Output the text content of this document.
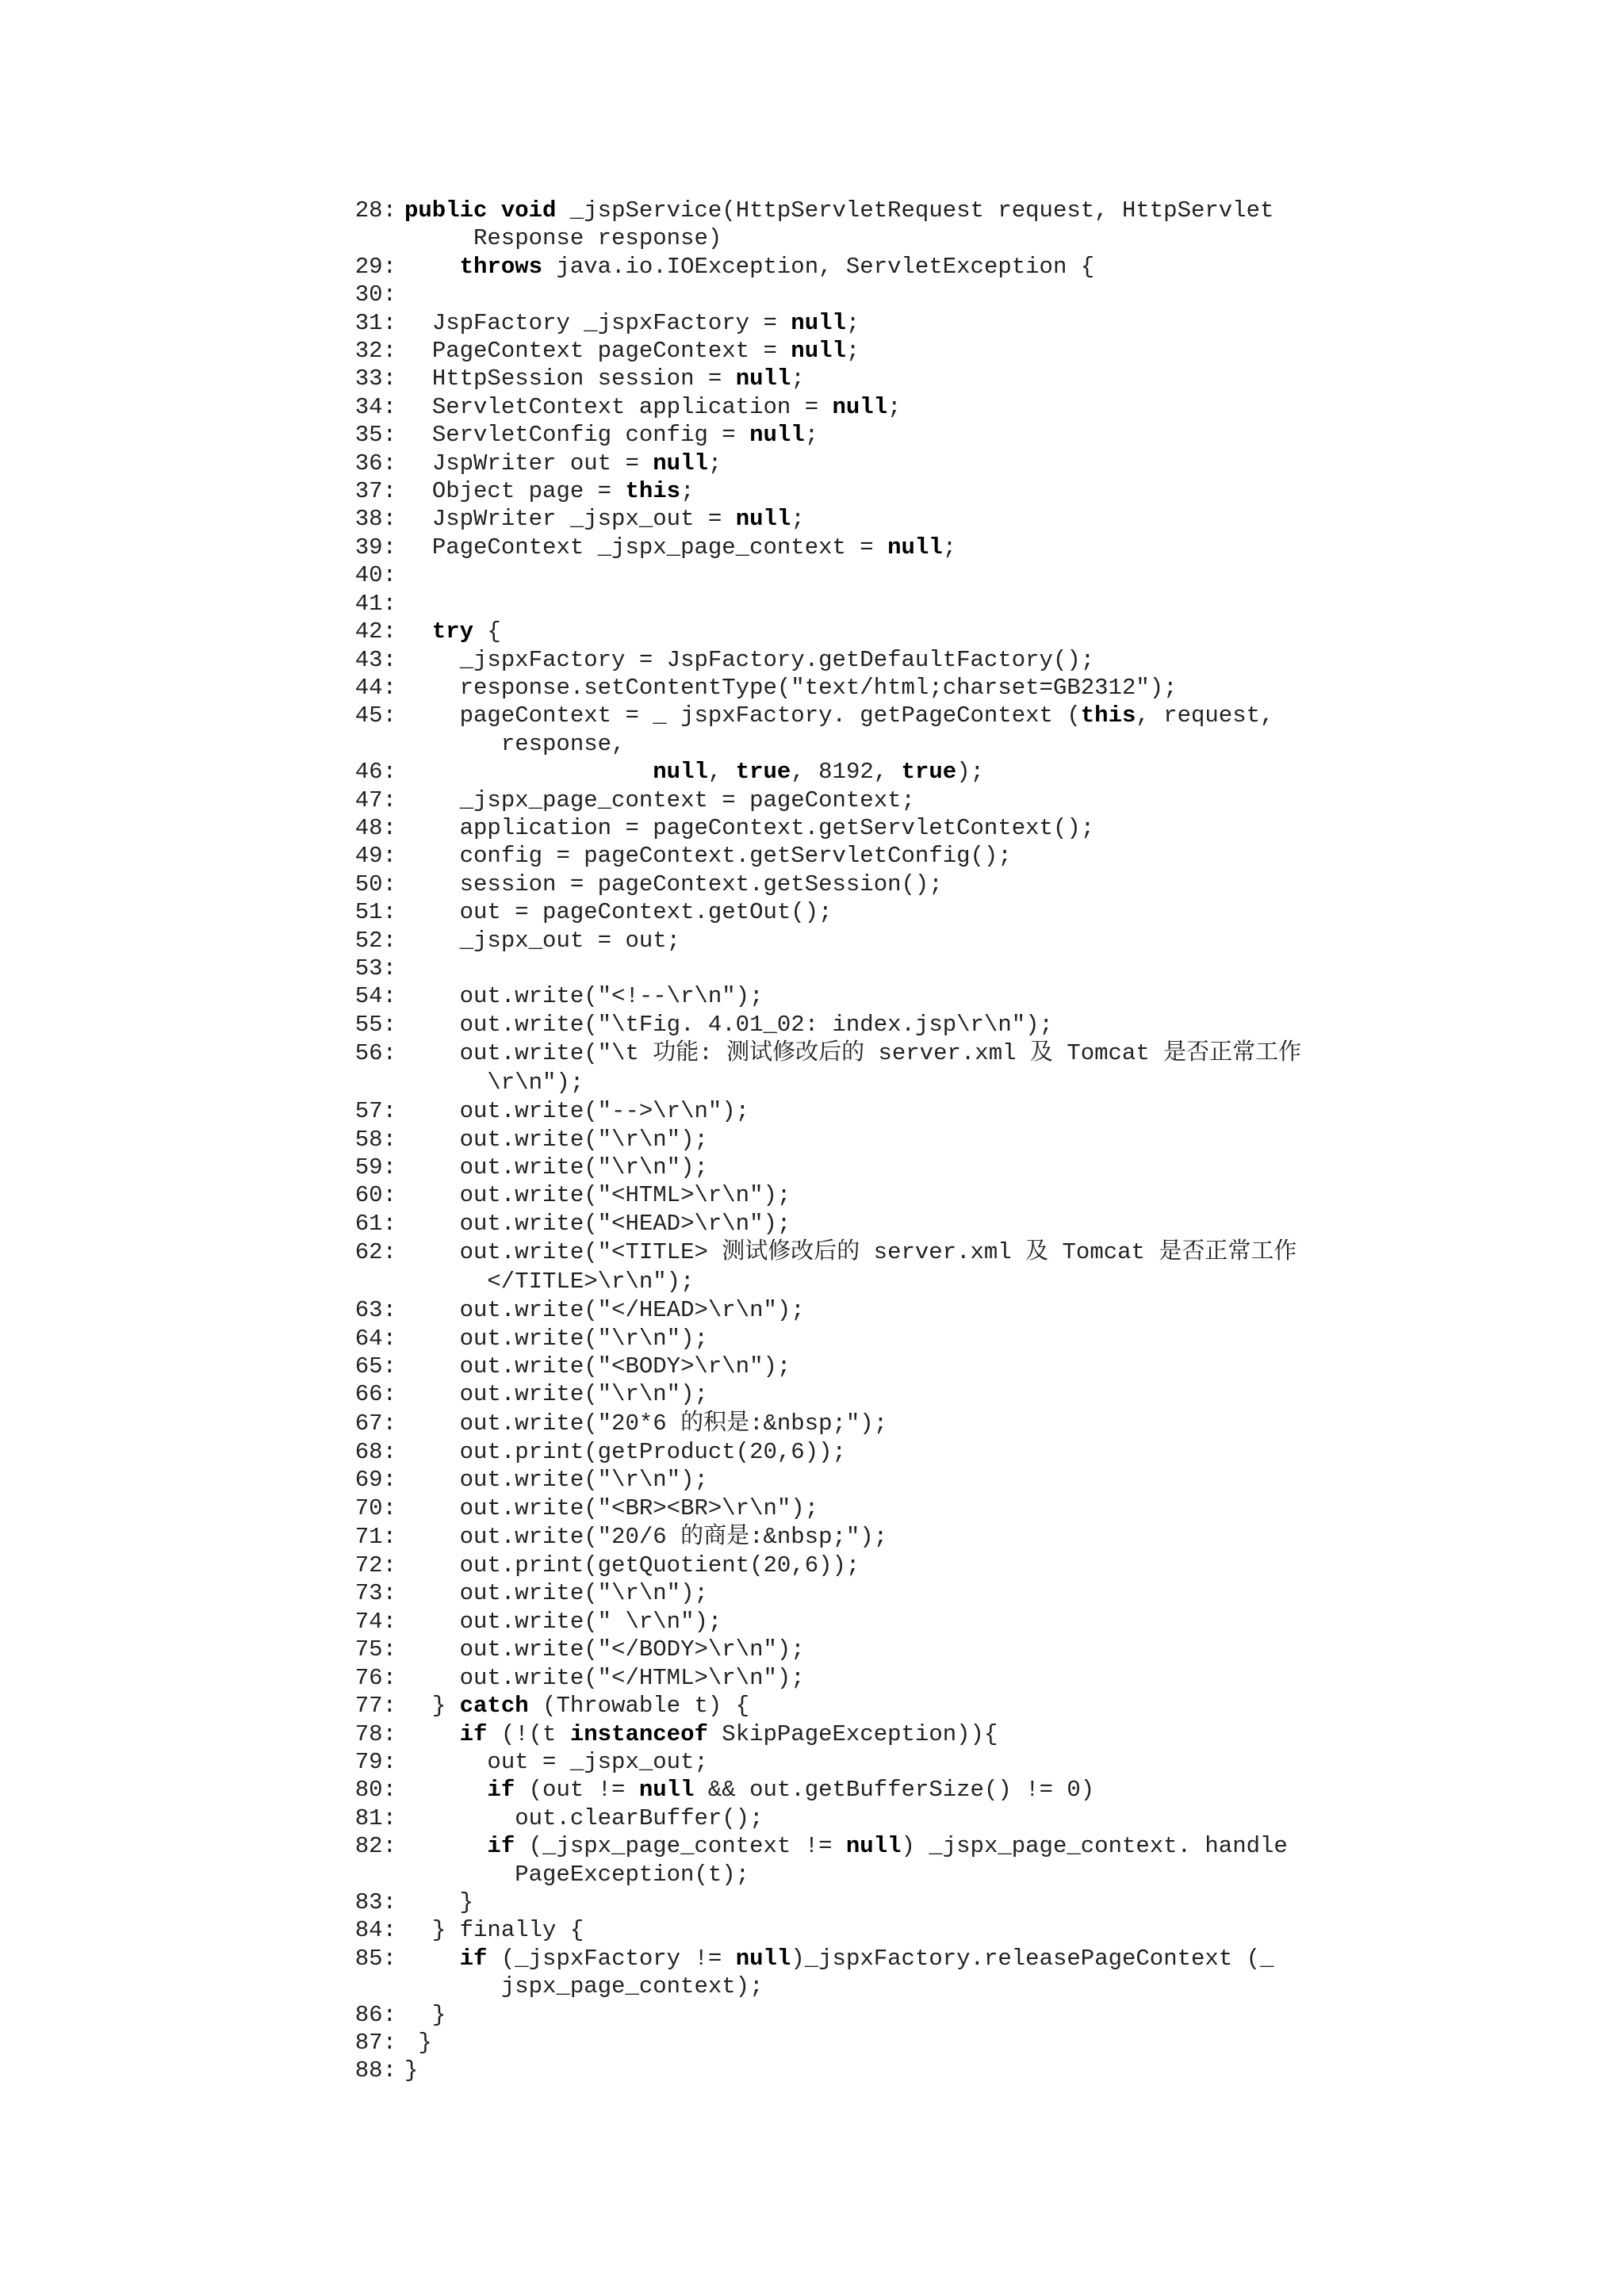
28 : public void _jspService(HttpServletRequest request, HttpServlet
Response response)
29 :	throws java.io.IOException, ServletException {
30 :
31 : JspFactory _jspxFactory = null;
32 : PageContext pageContext = null;
33 : HttpSession session = null;
34 : ServletContext application = null;
35 : ServletConfig config = null;
36 : JspWriter out = null;
37 : Object page = this;
38 : JspWriter _jspx_out = null;
39 : PageContext _jspx_page_context = null;
40 :
41 :
42 :	try {
43 : _jspxFactory = JspFactory.getDefaultFactory();
44 : response.setContentType("text/html;charset=GB2312");
45 : pageContext = _ jspxFactory. getPageContext (this, request,
response,
46 :	null, true, 8192, true);
47 : _jspx_page_context = pageContext;
48 : application = pageContext.getServletContext();
49 : config = pageContext.getServletConfig();
50 : session = pageContext.getSession();
51 : out = pageContext.getOut();
52 : _jspx_out = out;
53 :
54 : out.write("<!--\r\n");
55 : out.write("\tFig. 4.01_02: index.jsp\r\n");
56 : out.write("\t 功能: 测试修改后的 server.xml 及 Tomcat 是否正常工作
\r\n");
57 : out.write("-->\r\n");
58 : out.write("\r\n");
59 : out.write("\r\n");
60 : out.write("<HTML>\r\n");
61 : out.write("<HEAD>\r\n");
62 : out.write("<TITLE> 测试修改后的 server.xml 及 Tomcat 是否正常工作
</TITLE>\r\n");
63 : out.write("</HEAD>\r\n");
64 : out.write("\r\n");
65 : out.write("<BODY>\r\n");
66 : out.write("\r\n");
67 : out.write("20*6 的积是:&nbsp;");
68 : out.print(getProduct(20,6));
69 : out.write("\r\n");
70 : out.write("<BR><BR>\r\n");
71 : out.write("20/6 的商是:&nbsp;");
72 : out.print(getQuotient(20,6));
73 : out.write("\r\n");
74 : out.write(" \r\n");
75 : out.write("</BODY>\r\n");
76 : out.write("</HTML>\r\n");
77 : } catch (Throwable t) {
78 :	if (!(t instanceof SkipPageException)){
79 : out = _jspx_out;
80 :	if (out != null && out.getBufferSize() != 0)
81 : out.clearBuffer();
82 :	if (_jspx_page_context != null) _jspx_page_context. handle
PageException(t);
83 : }
84 : } finally {
85 :	if (_jspxFactory != null)_jspxFactory.releasePageContext (_
jspx_page_context);
86 : }
87 : }
88 : }
